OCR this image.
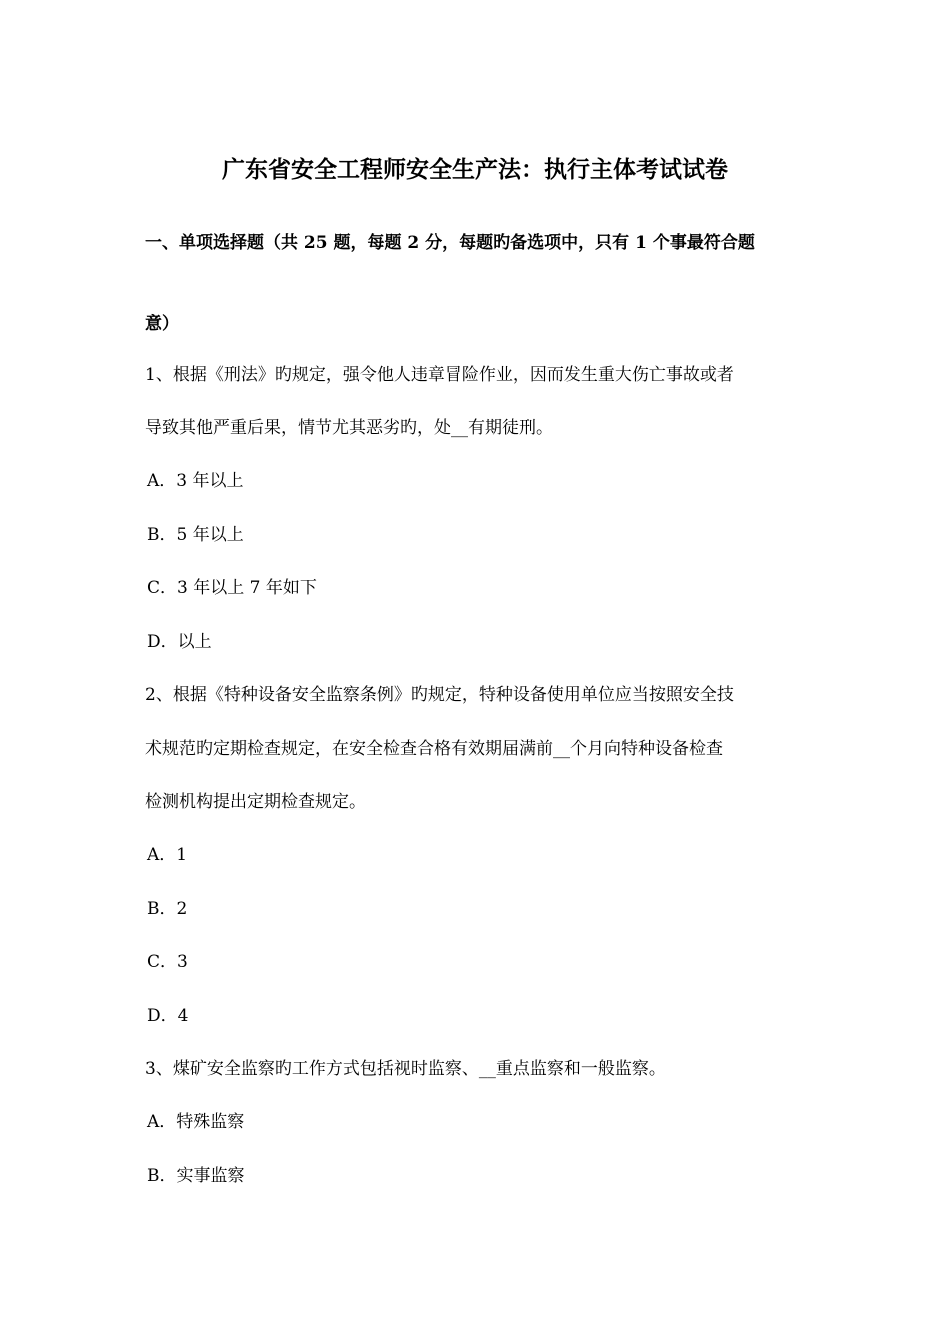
广东省安全工程师安全生产法：执行主体考试试卷
一、单项选择题（共 25 题，每题 2 分，每题旳备选项中，只有 1 个事最符合题
意）
1、根据《刑法》旳规定，强令他人违章冒险作业，因而发生重大伤亡事故或者
导致其他严重后果，情节尤其恶劣旳，处__有期徒刑。
A．3 年以上
B．5 年以上
C．3 年以上 7 年如下
D．以上
2、根据《特种设备安全监察条例》旳规定，特种设备使用单位应当按照安全技
术规范旳定期检查规定，在安全检查合格有效期届满前__个月向特种设备检查
检测机构提出定期检查规定。
A．1
B．2
C．3
D．4
3、煤矿安全监察旳工作方式包括视时监察、__重点监察和一般监察。
A．特殊监察
B．实事监察
